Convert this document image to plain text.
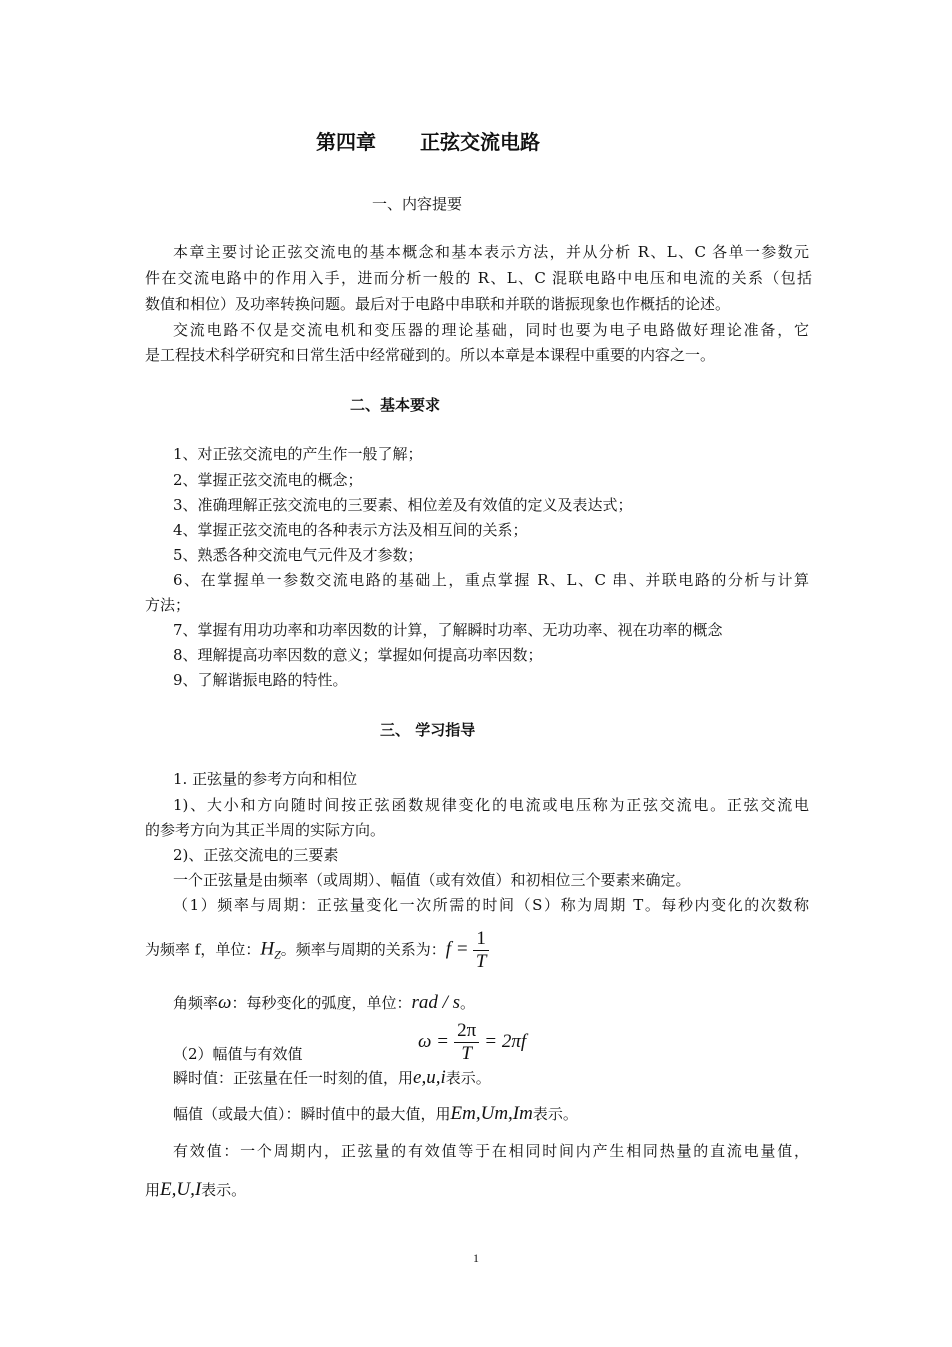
第四章 正弦交流电路
一、内容提要
本章主要讨论正弦交流电的基本概念和基本表示方法，并从分析 R、L、C 各单一参数元
件在交流电路中的作用入手，进而分析一般的 R、L、C 混联电路中电压和电流的关系（包括
数值和相位）及功率转换问题。最后对于电路中串联和并联的谐振现象也作概括的论述。
交流电路不仅是交流电机和变压器的理论基础，同时也要为电子电路做好理论准备，它
是工程技术科学研究和日常生活中经常碰到的。所以本章是本课程中重要的内容之一。
二、基本要求
1、对正弦交流电的产生作一般了解；
2、掌握正弦交流电的概念；
3、准确理解正弦交流电的三要素、相位差及有效值的定义及表达式；
4、掌握正弦交流电的各种表示方法及相互间的关系；
5、熟悉各种交流电气元件及才参数；
6、在掌握单一参数交流电路的基础上，重点掌握 R、L、C 串、并联电路的分析与计算
方法；
7、掌握有用功功率和功率因数的计算，了解瞬时功率、无功功率、视在功率的概念
8、理解提高功率因数的意义；掌握如何提高功率因数；
9、了解谐振电路的特性。
三、 学习指导
1. 正弦量的参考方向和相位
1)、大小和方向随时间按正弦函数规律变化的电流或电压称为正弦交流电。正弦交流电
的参考方向为其正半周的实际方向。
2)、正弦交流电的三要素
一个正弦量是由频率（或周期）、幅值（或有效值）和初相位三个要素来确定。
（1）频率与周期：正弦量变化一次所需的时间（S）称为周期 T。每秒内变化的次数称
为频率 f，单位：$H_Z$。频率与周期的关系为：$f = \frac{1}{T}$
角频率ω：每秒变化的弧度，单位：rad / s。
$\omega = \frac{2\pi}{T} = 2\pi f$
（2）幅值与有效值
瞬时值：正弦量在任一时刻的值，用e,u,i表示。
幅值（或最大值）：瞬时值中的最大值，用Em,Um,Im表示。
有效值：一个周期内，正弦量的有效值等于在相同时间内产生相同热量的直流电量值，
用E,U,I表示。
1
